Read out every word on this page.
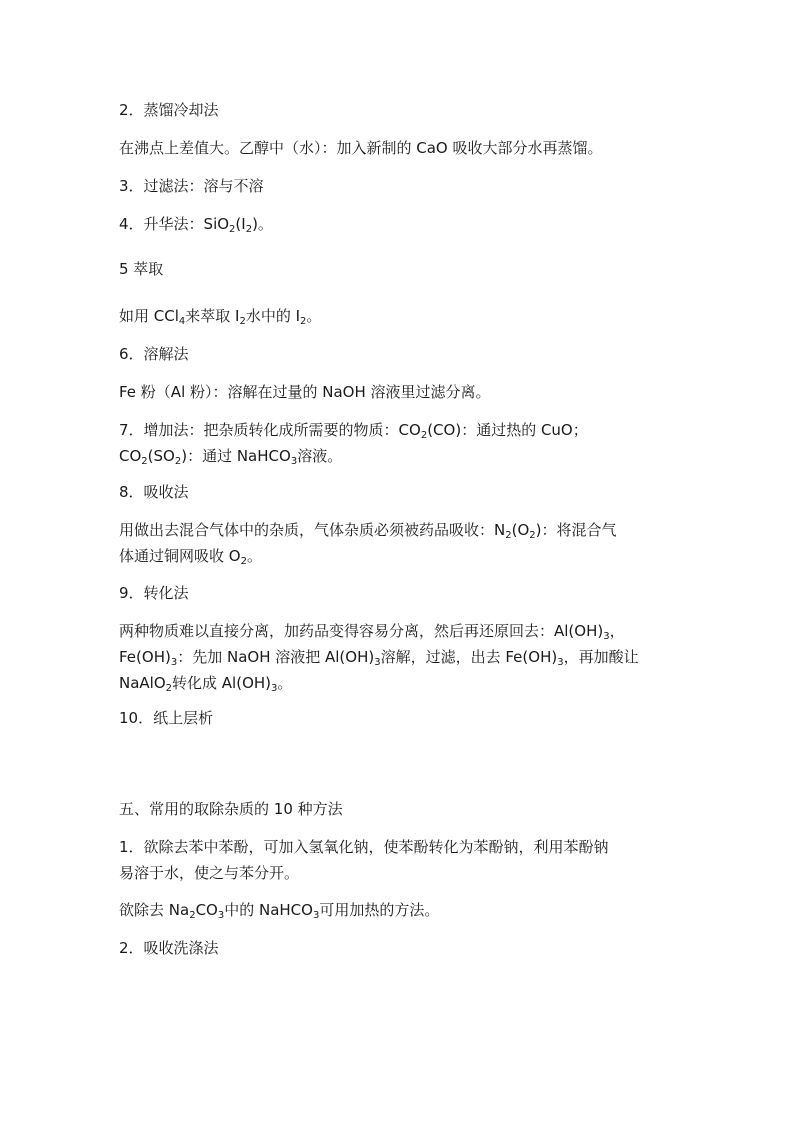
2．蒸馏冷却法

在沸点上差值大。乙醇中（水）：加入新制的 CaO 吸收大部分水再蒸馏。

3．过滤法：溶与不溶

4．升华法：$SiO_2(I_2)$。

5 萃取

如用 CCl$_4$来萃取 $I_2$水中的 $I_2$。

6．溶解法

Fe 粉（Al 粉）：溶解在过量的 NaOH 溶液里过滤分离。

7．增加法：把杂质转化成所需要的物质：$CO_2(CO)$：通过热的 CuO；
$CO_2(SO_2)$：通过 NaHCO$_3$溶液。

8．吸收法

用做出去混合气体中的杂质，气体杂质必须被药品吸收：$N_2(O_2)$：将混合气
体通过铜网吸收 $O_2$。

9．转化法

两种物质难以直接分离，加药品变得容易分离，然后再还原回去：$Al(OH)_3$，
$Fe(OH)_3$：先加 NaOH 溶液把 $Al(OH)_3$溶解，过滤，出去 $Fe(OH)_3$，再加酸让
NaAlO$_2$转化成 $Al(OH)_3$。

10．纸上层析

五、常用的取除杂质的 10 种方法

1．欲除去苯中苯酚，可加入氢氧化钠，使苯酚转化为苯酚钠，利用苯酚钠
易溶于水，使之与苯分开。

欲除去 $Na_2CO_3$中的 NaHCO$_3$可用加热的方法。

2．吸收洗涤法
